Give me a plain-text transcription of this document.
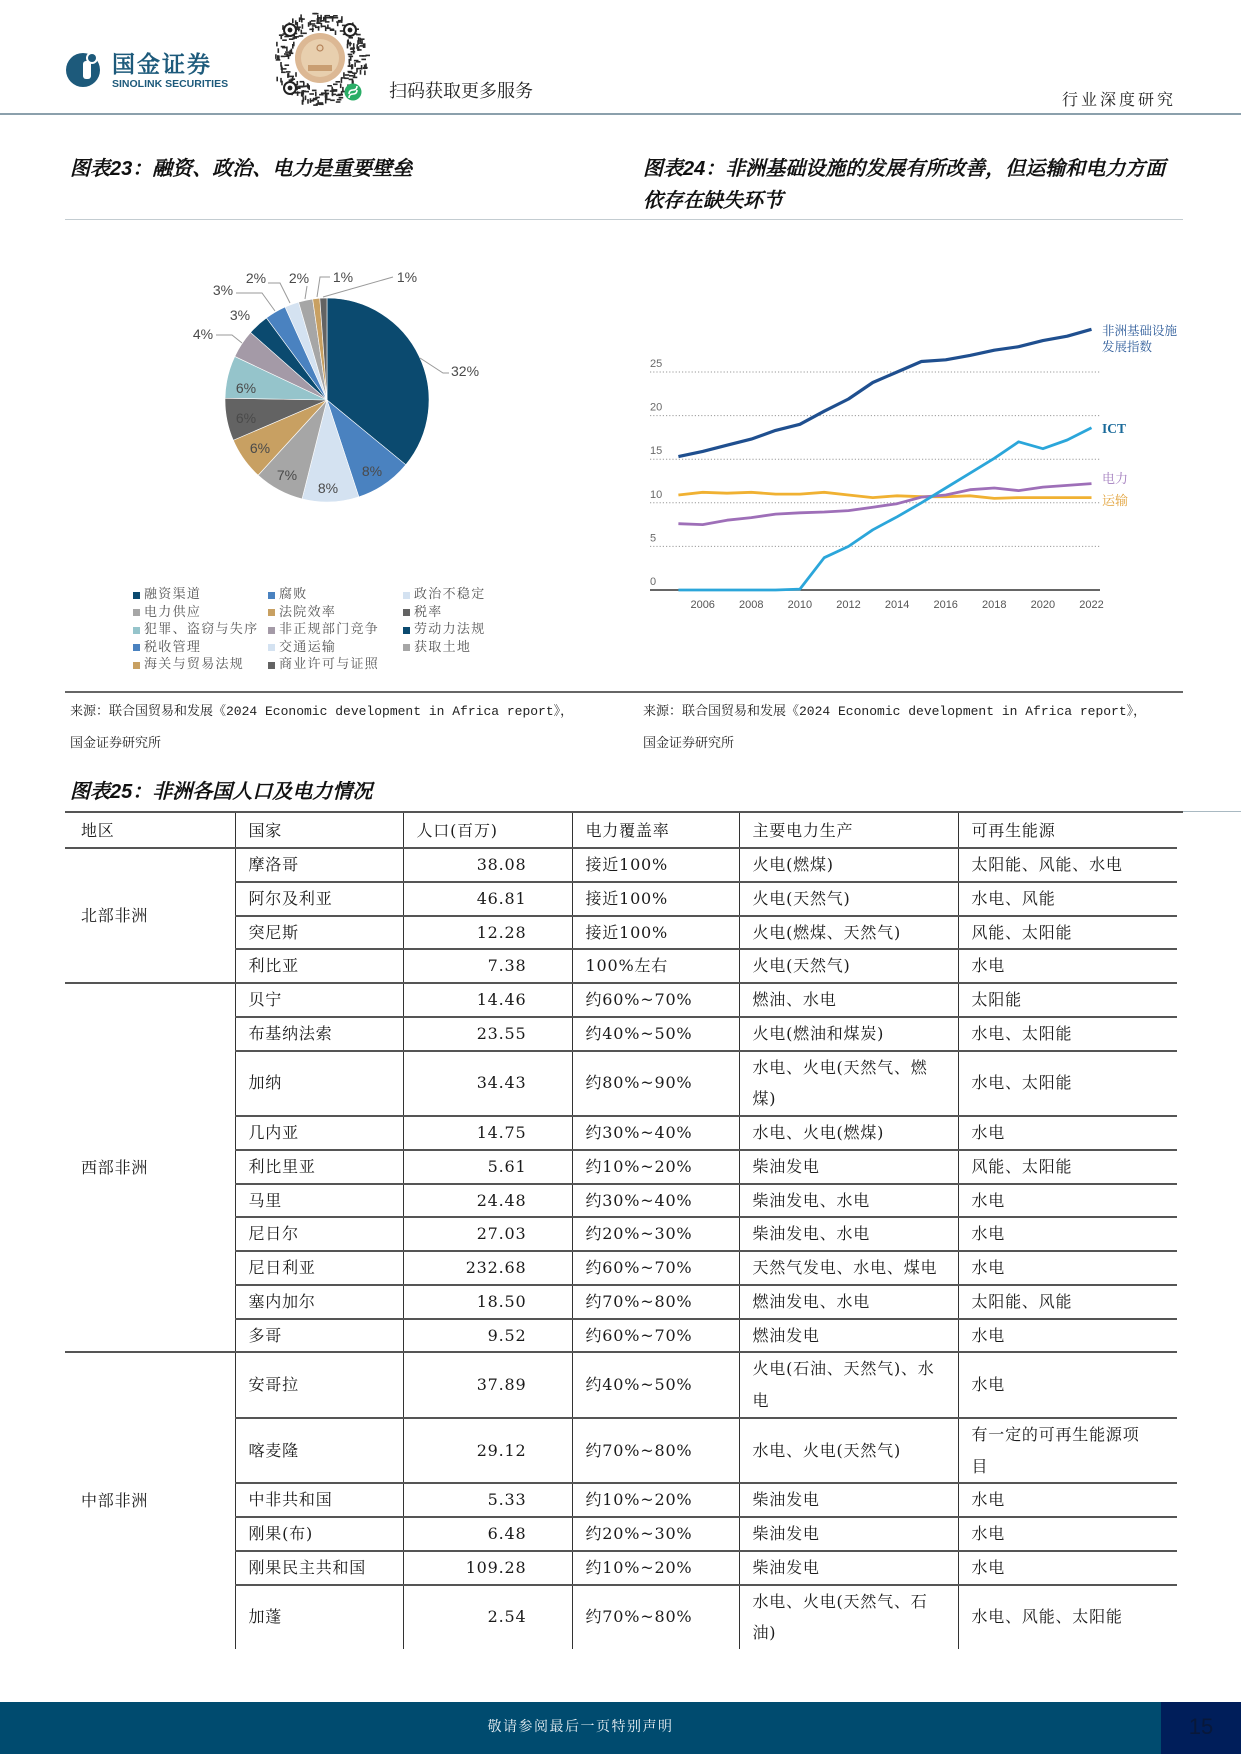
国金证券
SINOLINK SECURITIES	扫码获取更多服务	行业深度研究
图表23：融资、政治、电力是重要壁垒	图表24：非洲基础设施的发展有所改善，但运输和电力方面依存在缺失环节
32%
8%
8%
7%
6%
6%
6%
4%
3%
3%
2% 2% 1%	1%
融资渠道	腐败	政治不稳定
电力供应	法院效率	税率
犯罪、盗窃与失序 非正规部门竞争	劳动力法规
税收管理	交通运输	获取土地
海关与贸易法规	商业许可与证照
0
5
10
15
20
25
2006 2008 2010 2012 2014 2016 2018 2020 2022
非洲基础设施发展指数
ICT
电力
运输
来源：联合国贸易和发展《2024 Economic development in Africa report》，
国金证券研究所
来源：联合国贸易和发展《2024 Economic development in Africa report》，
国金证券研究所
图表25：非洲各国人口及电力情况
地区	国家	人口(百万)	电力覆盖率	主要电力生产	可再生能源
北部非洲	摩洛哥	38.08	接近100%	火电(燃煤)	太阳能、风能、水电
	阿尔及利亚	46.81	接近100%	火电(天然气)	水电、风能
	突尼斯	12.28	接近100%	火电(燃煤、天然气)	风能、太阳能
	利比亚	7.38	100%左右	火电(天然气)	水电
西部非洲	贝宁	14.46	约60%~70%	燃油、水电	太阳能
	布基纳法索	23.55	约40%~50%	火电(燃油和煤炭)	水电、太阳能
	加纳	34.43	约80%~90%	水电、火电(天然气、燃煤)	水电、太阳能
	几内亚	14.75	约30%~40%	水电、火电(燃煤)	水电
	利比里亚	5.61	约10%~20%	柴油发电	风能、太阳能
	马里	24.48	约30%~40%	柴油发电、水电	水电
	尼日尔	27.03	约20%~30%	柴油发电、水电	水电
	尼日利亚	232.68	约60%~70%	天然气发电、水电、煤电	水电
	塞内加尔	18.50	约70%~80%	燃油发电、水电	太阳能、风能
	多哥	9.52	约60%~70%	燃油发电	水电
中部非洲	安哥拉	37.89	约40%~50%	火电(石油、天然气)、水电	水电
	喀麦隆	29.12	约70%~80%	水电、火电(天然气)	有一定的可再生能源项目
	中非共和国	5.33	约10%~20%	柴油发电	水电
	刚果(布)	6.48	约20%~30%	柴油发电	水电
	刚果民主共和国	109.28	约10%~20%	柴油发电	水电
	加蓬	2.54	约70%~80%	水电、火电(天然气、石油)	水电、风能、太阳能
敬请参阅最后一页特别声明	15
